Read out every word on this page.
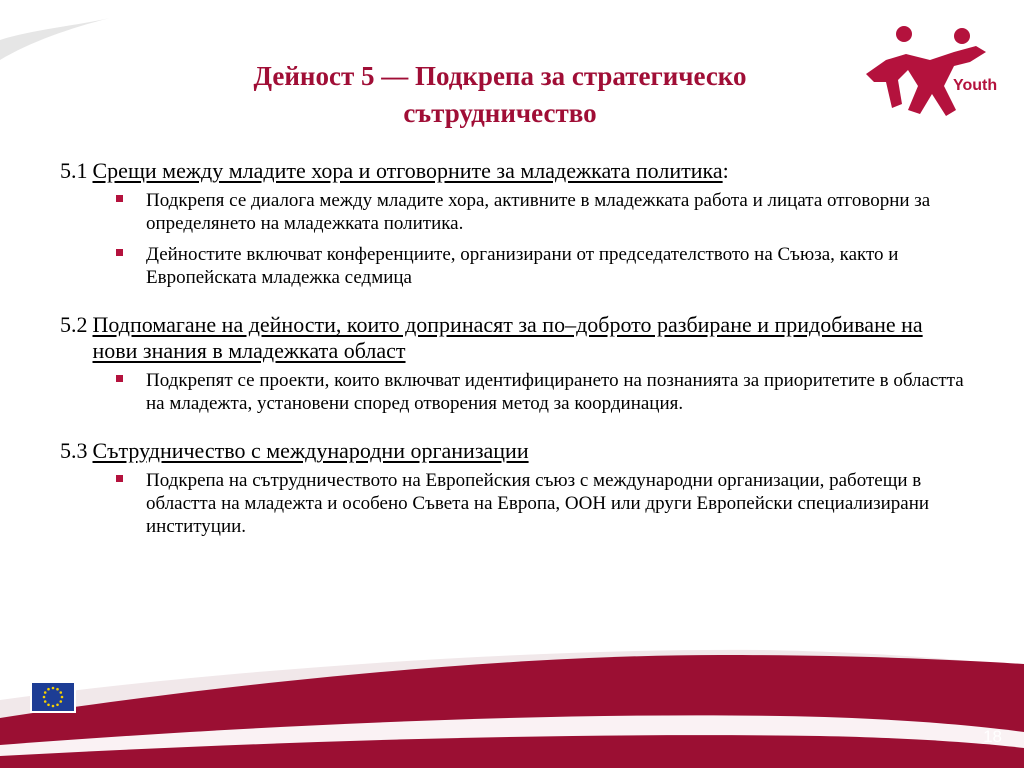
Youth
Дейност 5 — Подкрепа за стратегическо
сътрудничество
5.1 Срещи между младите хора и отговорните за младежката политика:
Подкрепя се диалога между младите хора, активните в младежката работа и лицата отговорни за определянето на младежката политика.
Дейностите включват конференциите, организирани от председателството на Съюза, както и Европейската младежка седмица
5.2 Подпомагане на дейности, които допринасят за по–доброто разбиране и придобиване на нови знания в младежката област
Подкрепят се проекти, които включват идентифицирането на познанията за приоритетите в областта на младежта, установени според отворения метод за координация.
5.3 Сътрудничество с международни организации
Подкрепа на сътрудничеството на Европейския съюз с международни организации, работещи в областта на младежта и особено Съвета на Европа, ООН или други Европейски специализирани институции.
18
